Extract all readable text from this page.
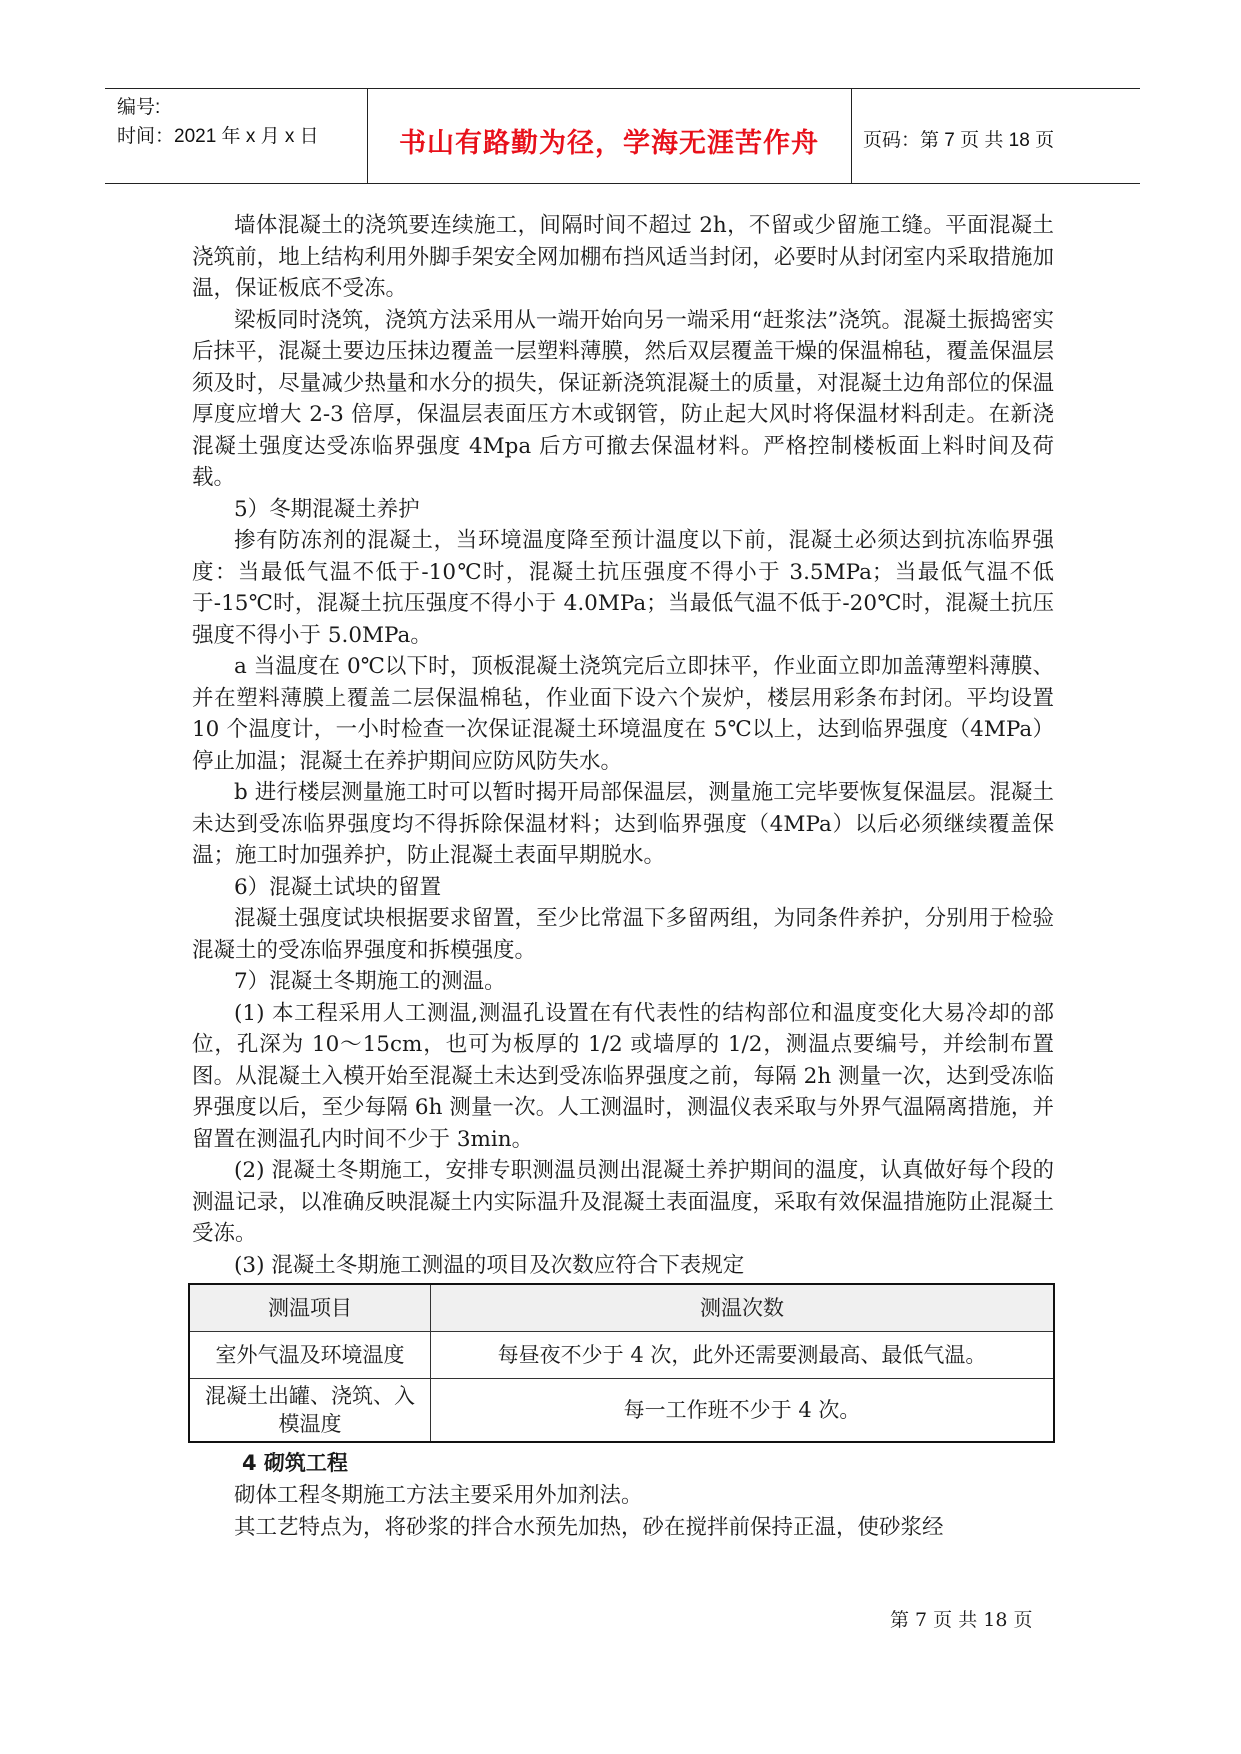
编号:
时间：2021 年 x 月 x 日	书山有路勤为径，学海无涯苦作舟	页码：第 7 页 共 18 页

墙体混凝土的浇筑要连续施工，间隔时间不超过 2h，不留或少留施工缝。平面混凝土浇筑前，地上结构利用外脚手架安全网加棚布挡风适当封闭，必要时从封闭室内采取措施加温，保证板底不受冻。

梁板同时浇筑，浇筑方法采用从一端开始向另一端采用“赶浆法”浇筑。混凝土振捣密实后抹平，混凝土要边压抹边覆盖一层塑料薄膜，然后双层覆盖干燥的保温棉毡，覆盖保温层须及时，尽量减少热量和水分的损失，保证新浇筑混凝土的质量，对混凝土边角部位的保温厚度应增大 2-3 倍厚，保温层表面压方木或钢管，防止起大风时将保温材料刮走。在新浇混凝土强度达受冻临界强度 4Mpa 后方可撤去保温材料。严格控制楼板面上料时间及荷载。

5）冬期混凝土养护

掺有防冻剂的混凝土，当环境温度降至预计温度以下前，混凝土必须达到抗冻临界强度：当最低气温不低于-10℃时，混凝土抗压强度不得小于 3.5MPa；当最低气温不低于-15℃时，混凝土抗压强度不得小于 4.0MPa；当最低气温不低于-20℃时，混凝土抗压强度不得小于 5.0MPa。

a 当温度在 0℃以下时，顶板混凝土浇筑完后立即抹平，作业面立即加盖薄塑料薄膜、并在塑料薄膜上覆盖二层保温棉毡，作业面下设六个炭炉，楼层用彩条布封闭。平均设置 10 个温度计，一小时检查一次保证混凝土环境温度在 5℃以上，达到临界强度（4MPa）停止加温；混凝土在养护期间应防风防失水。

b 进行楼层测量施工时可以暂时揭开局部保温层，测量施工完毕要恢复保温层。混凝土未达到受冻临界强度均不得拆除保温材料；达到临界强度（4MPa）以后必须继续覆盖保温；施工时加强养护，防止混凝土表面早期脱水。

6）混凝土试块的留置

混凝土强度试块根据要求留置，至少比常温下多留两组，为同条件养护，分别用于检验混凝土的受冻临界强度和拆模强度。

7）混凝土冬期施工的测温。

(1) 本工程采用人工测温,测温孔设置在有代表性的结构部位和温度变化大易冷却的部位，孔深为 10～15cm，也可为板厚的 1/2 或墙厚的 1/2，测温点要编号，并绘制布置图。从混凝土入模开始至混凝土未达到受冻临界强度之前，每隔 2h 测量一次，达到受冻临界强度以后，至少每隔 6h 测量一次。人工测温时，测温仪表采取与外界气温隔离措施，并留置在测温孔内时间不少于 3min。

(2) 混凝土冬期施工，安排专职测温员测出混凝土养护期间的温度，认真做好每个段的测温记录，以准确反映混凝土内实际温升及混凝土表面温度，采取有效保温措施防止混凝土受冻。

(3) 混凝土冬期施工测温的项目及次数应符合下表规定

测温项目	测温次数
室外气温及环境温度	每昼夜不少于 4 次，此外还需要测最高、最低气温。
混凝土出罐、浇筑、入模温度	每一工作班不少于 4 次。

4 砌筑工程

砌体工程冬期施工方法主要采用外加剂法。

其工艺特点为，将砂浆的拌合水预先加热，砂在搅拌前保持正温，使砂浆经

第 7 页 共 18 页
